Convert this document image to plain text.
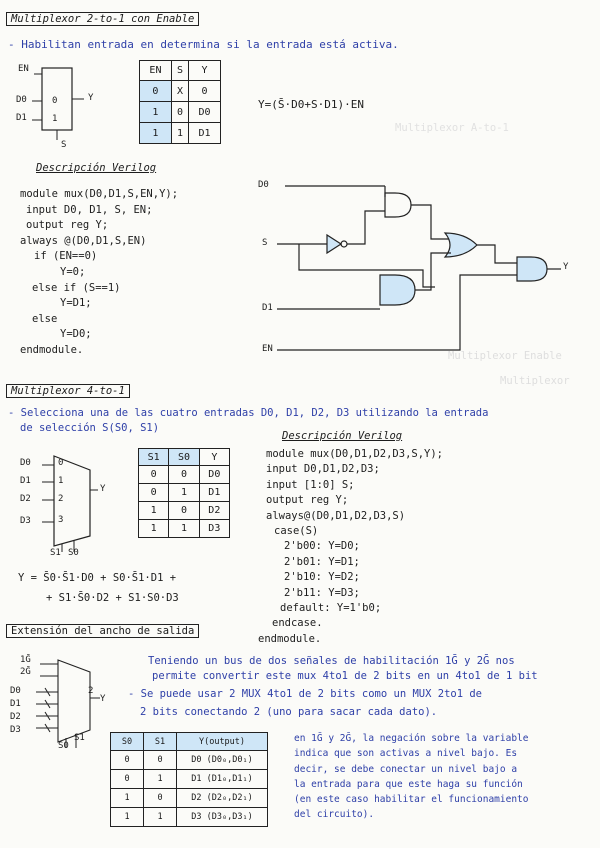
Multiplexor 2-to-1 con Enable
- Habilitan entrada en determina si la entrada está activa.
EN
D0
D1
0
1
Y
S
EN	S	Y
0	X	0
1	0	D0
1	1	D1
Y=(S̄·D0+S·D1)·EN
Multiplexor A-to-1
Descripción Verilog
module mux(D0,D1,S,EN,Y);
input D0, D1, S, EN;
output reg Y;
always @(D0,D1,S,EN)
if (EN==0)
Y=0;
else if (S==1)
Y=D1;
else
Y=D0;
endmodule.
D0
S
D1
EN
Y
Multiplexor Enable
Multiplexor
Multiplexor 4-to-1
- Selecciona una de las cuatro entradas D0, D1, D2, D3 utilizando la entrada
de selección S(S0, S1)
D0
D1
D2
D3
0
1
2
3
Y
S1 S0
S1	S0	Y
0	0	D0
0	1	D1
1	0	D2
1	1	D3
Y = S̄0·S̄1·D0 + S0·S̄1·D1 +
+ S1·S̄0·D2 + S1·S0·D3
Descripción Verilog
module mux(D0,D1,D2,D3,S,Y);
input D0,D1,D2,D3;
input [1:0] S;
output reg Y;
always@(D0,D1,D2,D3,S)
case(S)
2'b00: Y=D0;
2'b01: Y=D1;
2'b10: Y=D2;
2'b11: Y=D3;
default: Y=1'b0;
endcase.
endmodule.
Extensión del ancho de salida
1Ḡ
2Ḡ
D0
D1
D2
D3
2
Y
S0
S1
Teniendo un bus de dos señales de habilitación 1Ḡ y 2Ḡ nos
permite convertir este mux 4to1 de 2 bits en un 4to1 de 1 bit
- Se puede usar 2 MUX 4to1 de 2 bits como un MUX 2to1 de
2 bits conectando 2 (uno para sacar cada dato).
S0	S1	Y(output)
0	0	D0 (D0₀,D0₁)
0	1	D1 (D1₀,D1₁)
1	0	D2 (D2₀,D2₁)
1	1	D3 (D3₀,D3₁)
en 1Ḡ y 2Ḡ, la negación sobre la variable
indica que son activas a nivel bajo. Es
decir, se debe conectar un nivel bajo a
la entrada para que este haga su función
(en este caso habilitar el funcionamiento
del circuito).
